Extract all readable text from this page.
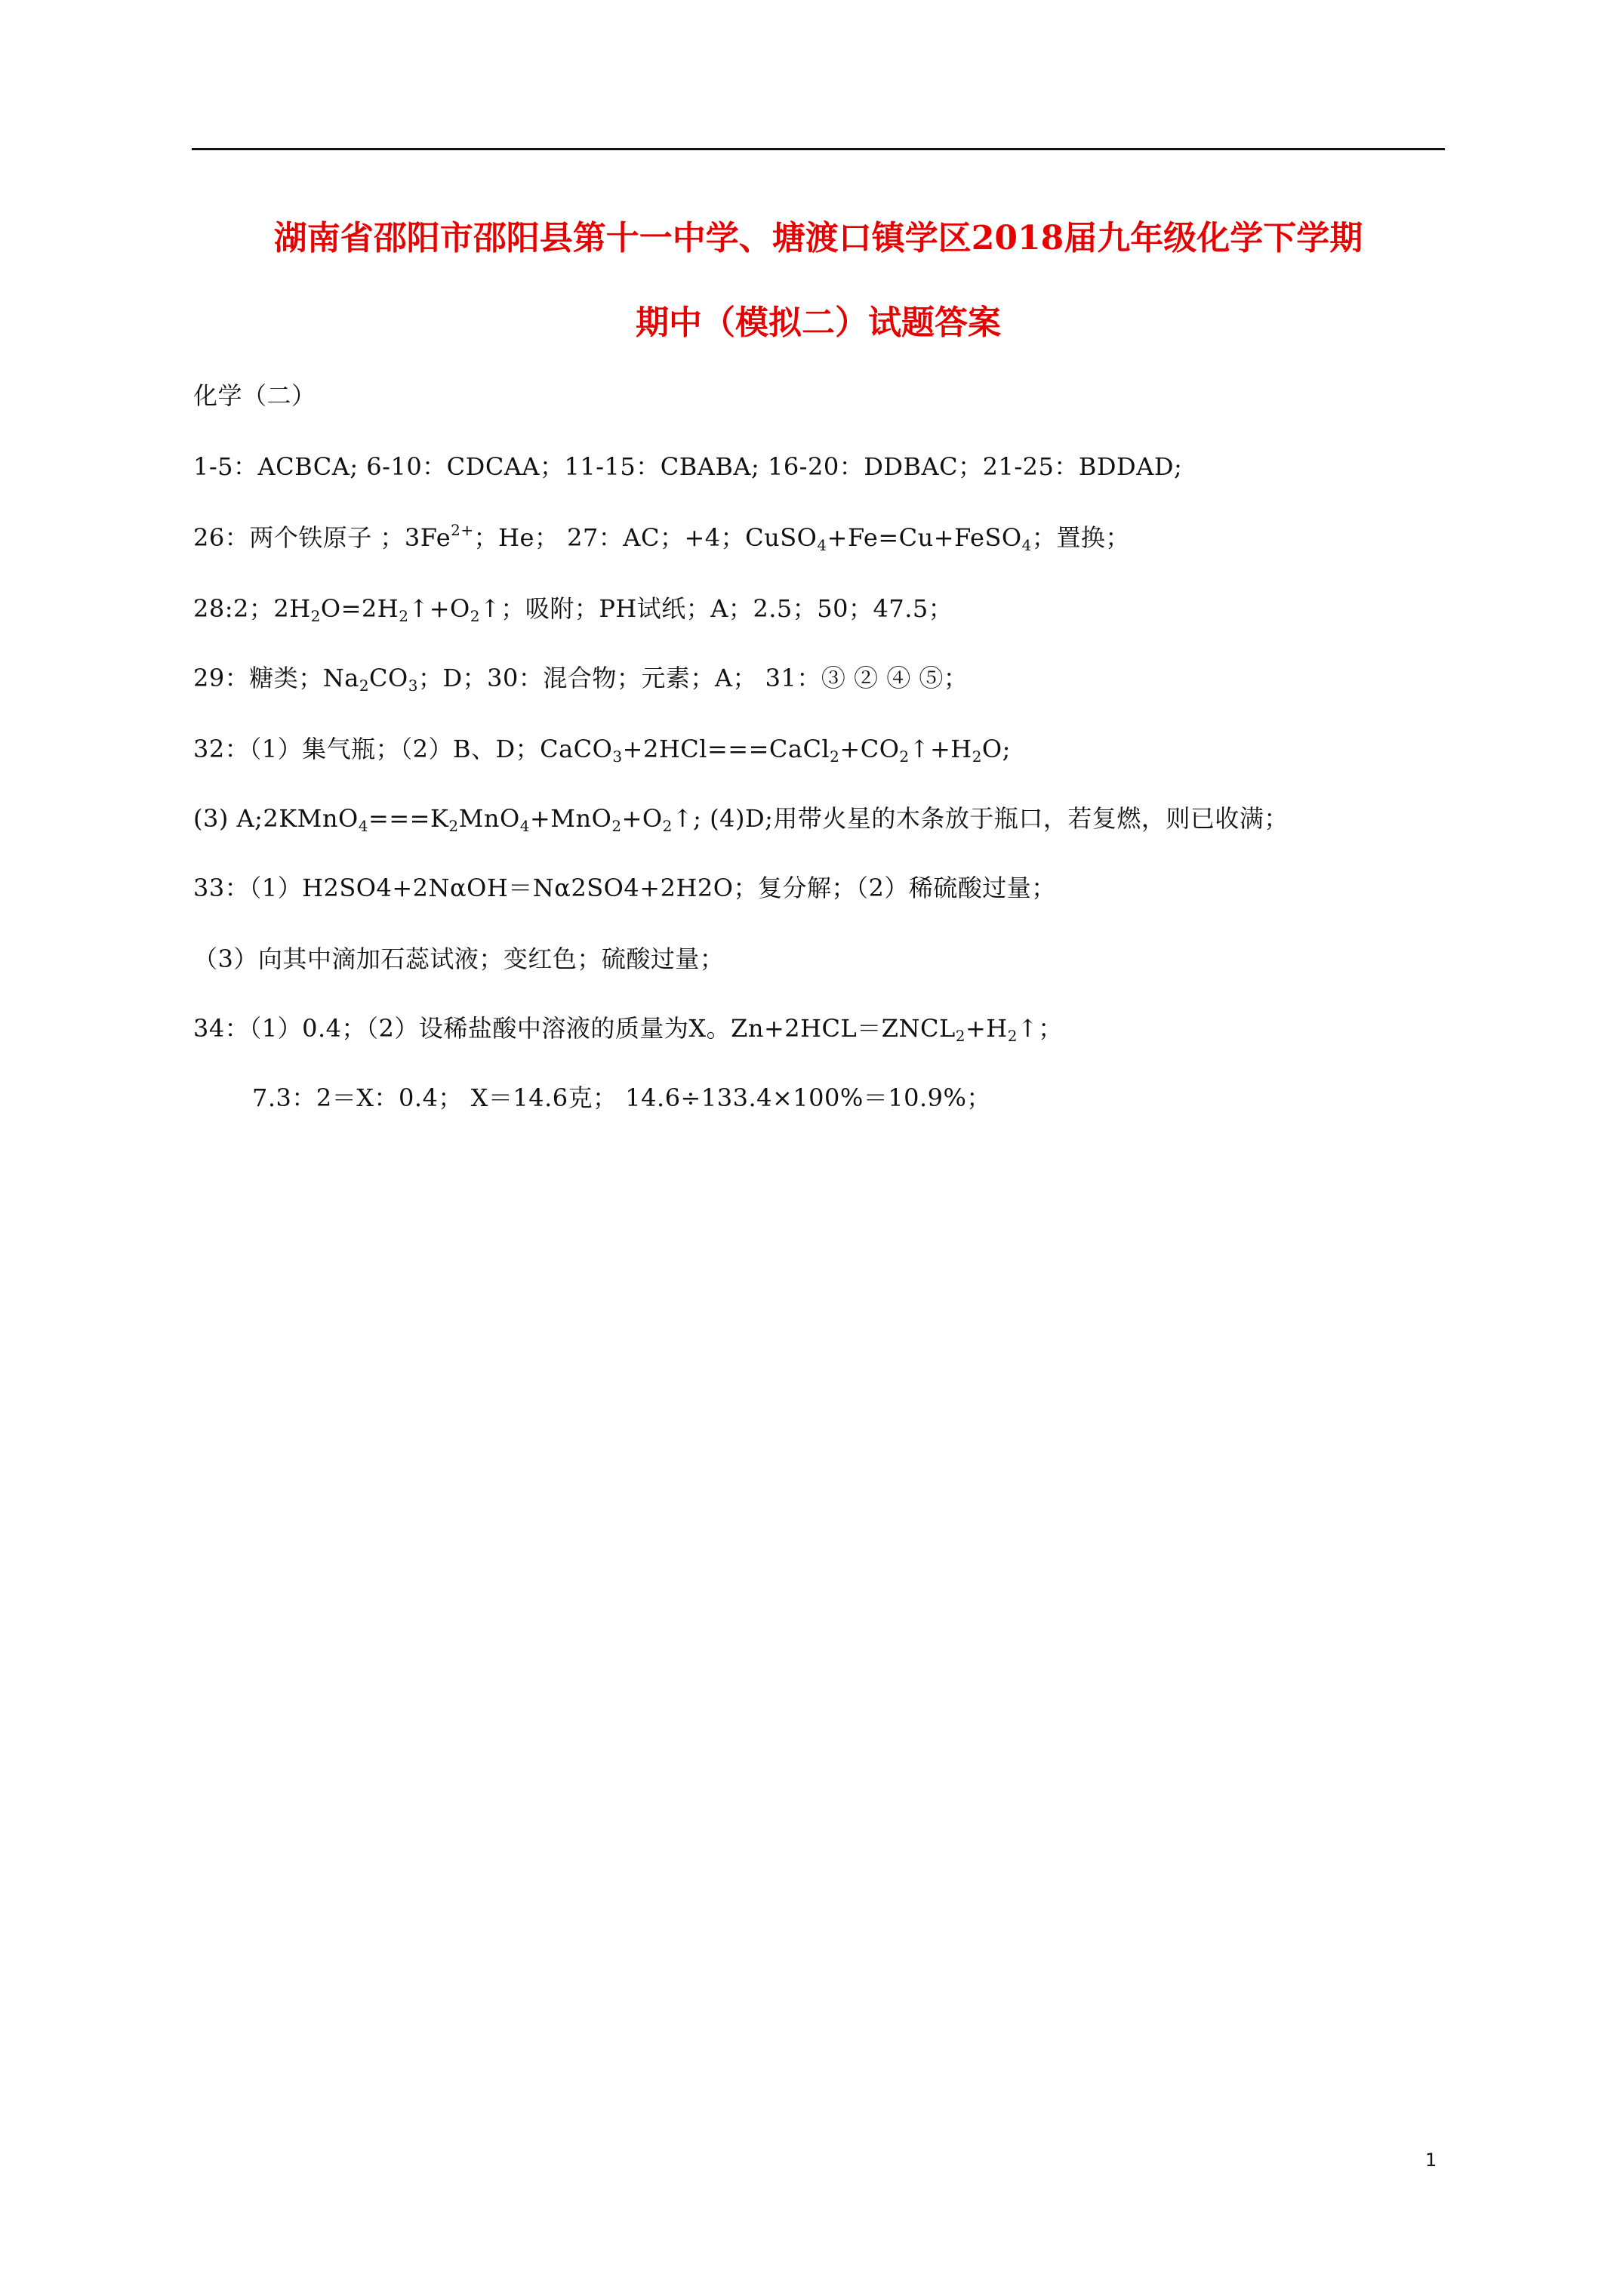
湖南省邵阳市邵阳县第十一中学、塘渡口镇学区2018届九年级化学下学期
期中（模拟二）试题答案
化学（二）
1-5：ACBCA; 6-10：CDCAA；11-15：CBABA; 16-20：DDBAC；21-25：BDDAD;
26：两个铁原子 ；$3Fe^{2+}$；He； 27：AC；+4；CuSO$_4$+Fe=Cu+FeSO$_4$；置换；
28:2；$2H_2O=2H_2↑+O_2↑$；吸附；PH试纸；A；2.5；50；47.5；
29：糖类；$Na_2CO_3$；D；30：混合物；元素；A； 31：③ ② ④ ⑤；
32：（1）集气瓶；（2）B、D；$CaCO_3+2HCl===CaCl_2+CO_2↑+H_2O$;
(3) $A;2KMnO_4===K_2MnO_4+MnO_2+O_2↑$; (4)D;用带火星的木条放于瓶口，若复燃，则已收满；
33：（1）H2SO4+2NαOH＝Nα2SO4+2H2O；复分解；（2）稀硫酸过量；
（3）向其中滴加石蕊试液；变红色；硫酸过量；
34：（1）0.4；（2）设稀盐酸中溶液的质量为X。$Zn+2HCL=ZNCL_2+H_2↑$；
7.3：2＝X：0.4； X＝14.6克； 14.6÷133.4×100%＝10.9%；
1
